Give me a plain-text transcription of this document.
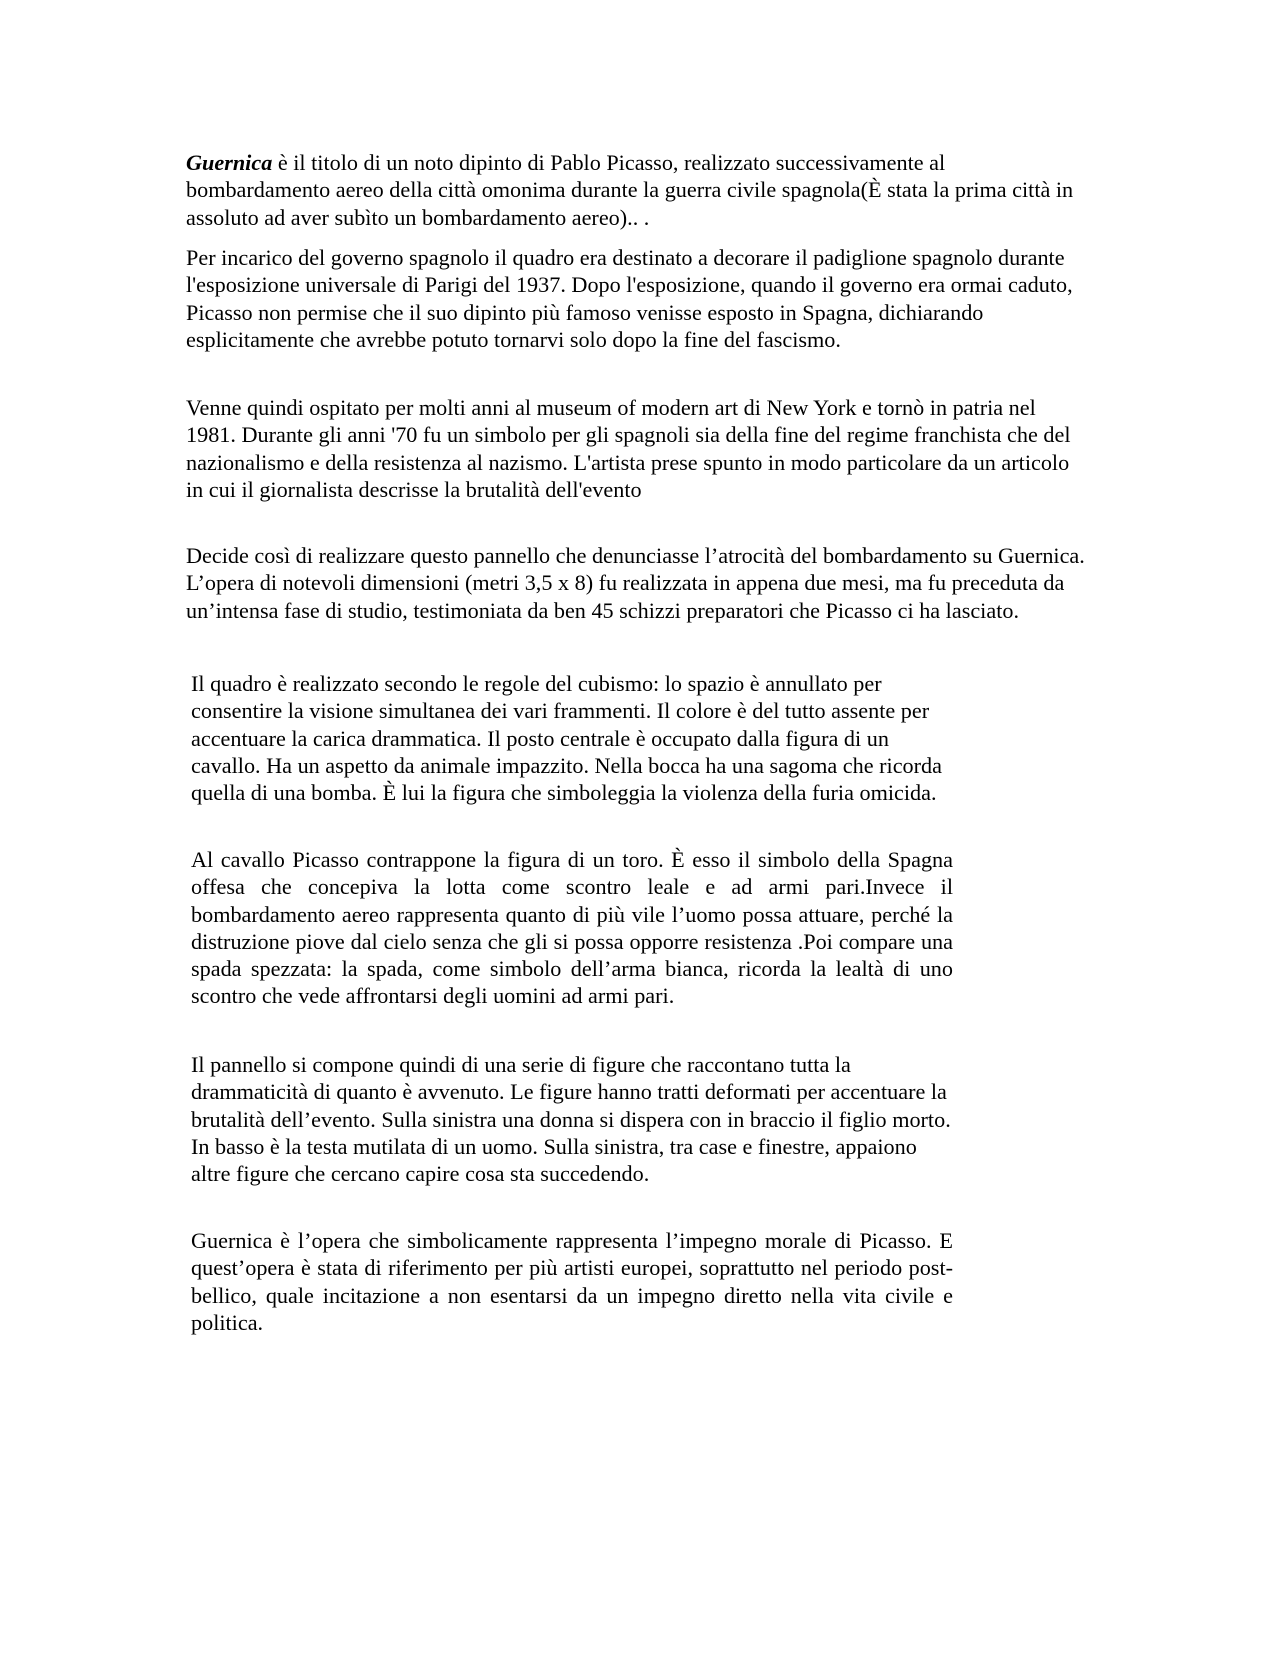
Guernica è il titolo di un noto dipinto di Pablo Picasso, realizzato successivamente al bombardamento aereo della città omonima durante la guerra civile spagnola(È stata la prima città in assoluto ad aver subìto un bombardamento aereo).. .

Per incarico del governo spagnolo il quadro era destinato a decorare il padiglione spagnolo durante l'esposizione universale di Parigi del 1937. Dopo l'esposizione, quando il governo era ormai caduto, Picasso non permise che il suo dipinto più famoso venisse esposto in Spagna, dichiarando esplicitamente che avrebbe potuto tornarvi solo dopo la fine del fascismo.

Venne quindi ospitato per molti anni al museum of modern art di New York e tornò in patria nel 1981. Durante gli anni '70 fu un simbolo per gli spagnoli sia della fine del regime franchista che del nazionalismo e della resistenza al nazismo. L'artista prese spunto in modo particolare da un articolo in cui il giornalista descrisse la brutalità dell'evento

Decide così di realizzare questo pannello che denunciasse l’atrocità del bombardamento su Guernica. L’opera di notevoli dimensioni (metri 3,5 x 8) fu realizzata in appena due mesi, ma fu preceduta da un’intensa fase di studio, testimoniata da ben 45 schizzi preparatori che Picasso ci ha lasciato.

Il quadro è realizzato secondo le regole del cubismo: lo spazio è annullato per consentire la visione simultanea dei vari frammenti. Il colore è del tutto assente per accentuare la carica drammatica. Il posto centrale è occupato dalla figura di un cavallo. Ha un aspetto da animale impazzito. Nella bocca ha una sagoma che ricorda quella di una bomba. È lui la figura che simboleggia la violenza della furia omicida.

Al cavallo Picasso contrappone la figura di un toro. È esso il simbolo della Spagna offesa che concepiva la lotta come scontro leale e ad armi pari.Invece il bombardamento aereo rappresenta quanto di più vile l’uomo possa attuare, perché la distruzione piove dal cielo senza che gli si possa opporre resistenza .Poi compare una spada spezzata: la spada, come simbolo dell’arma bianca, ricorda la lealtà di uno scontro che vede affrontarsi degli uomini ad armi pari.

Il pannello si compone quindi di una serie di figure che raccontano tutta la drammaticità di quanto è avvenuto. Le figure hanno tratti deformati per accentuare la brutalità dell’evento. Sulla sinistra una donna si dispera con in braccio il figlio morto. In basso è la testa mutilata di un uomo. Sulla sinistra, tra case e finestre, appaiono altre figure che cercano capire cosa sta succedendo.

Guernica è l’opera che simbolicamente rappresenta l’impegno morale di Picasso. E quest’opera è stata di riferimento per più artisti europei, soprattutto nel periodo post-bellico, quale incitazione a non esentarsi da un impegno diretto nella vita civile e politica.
